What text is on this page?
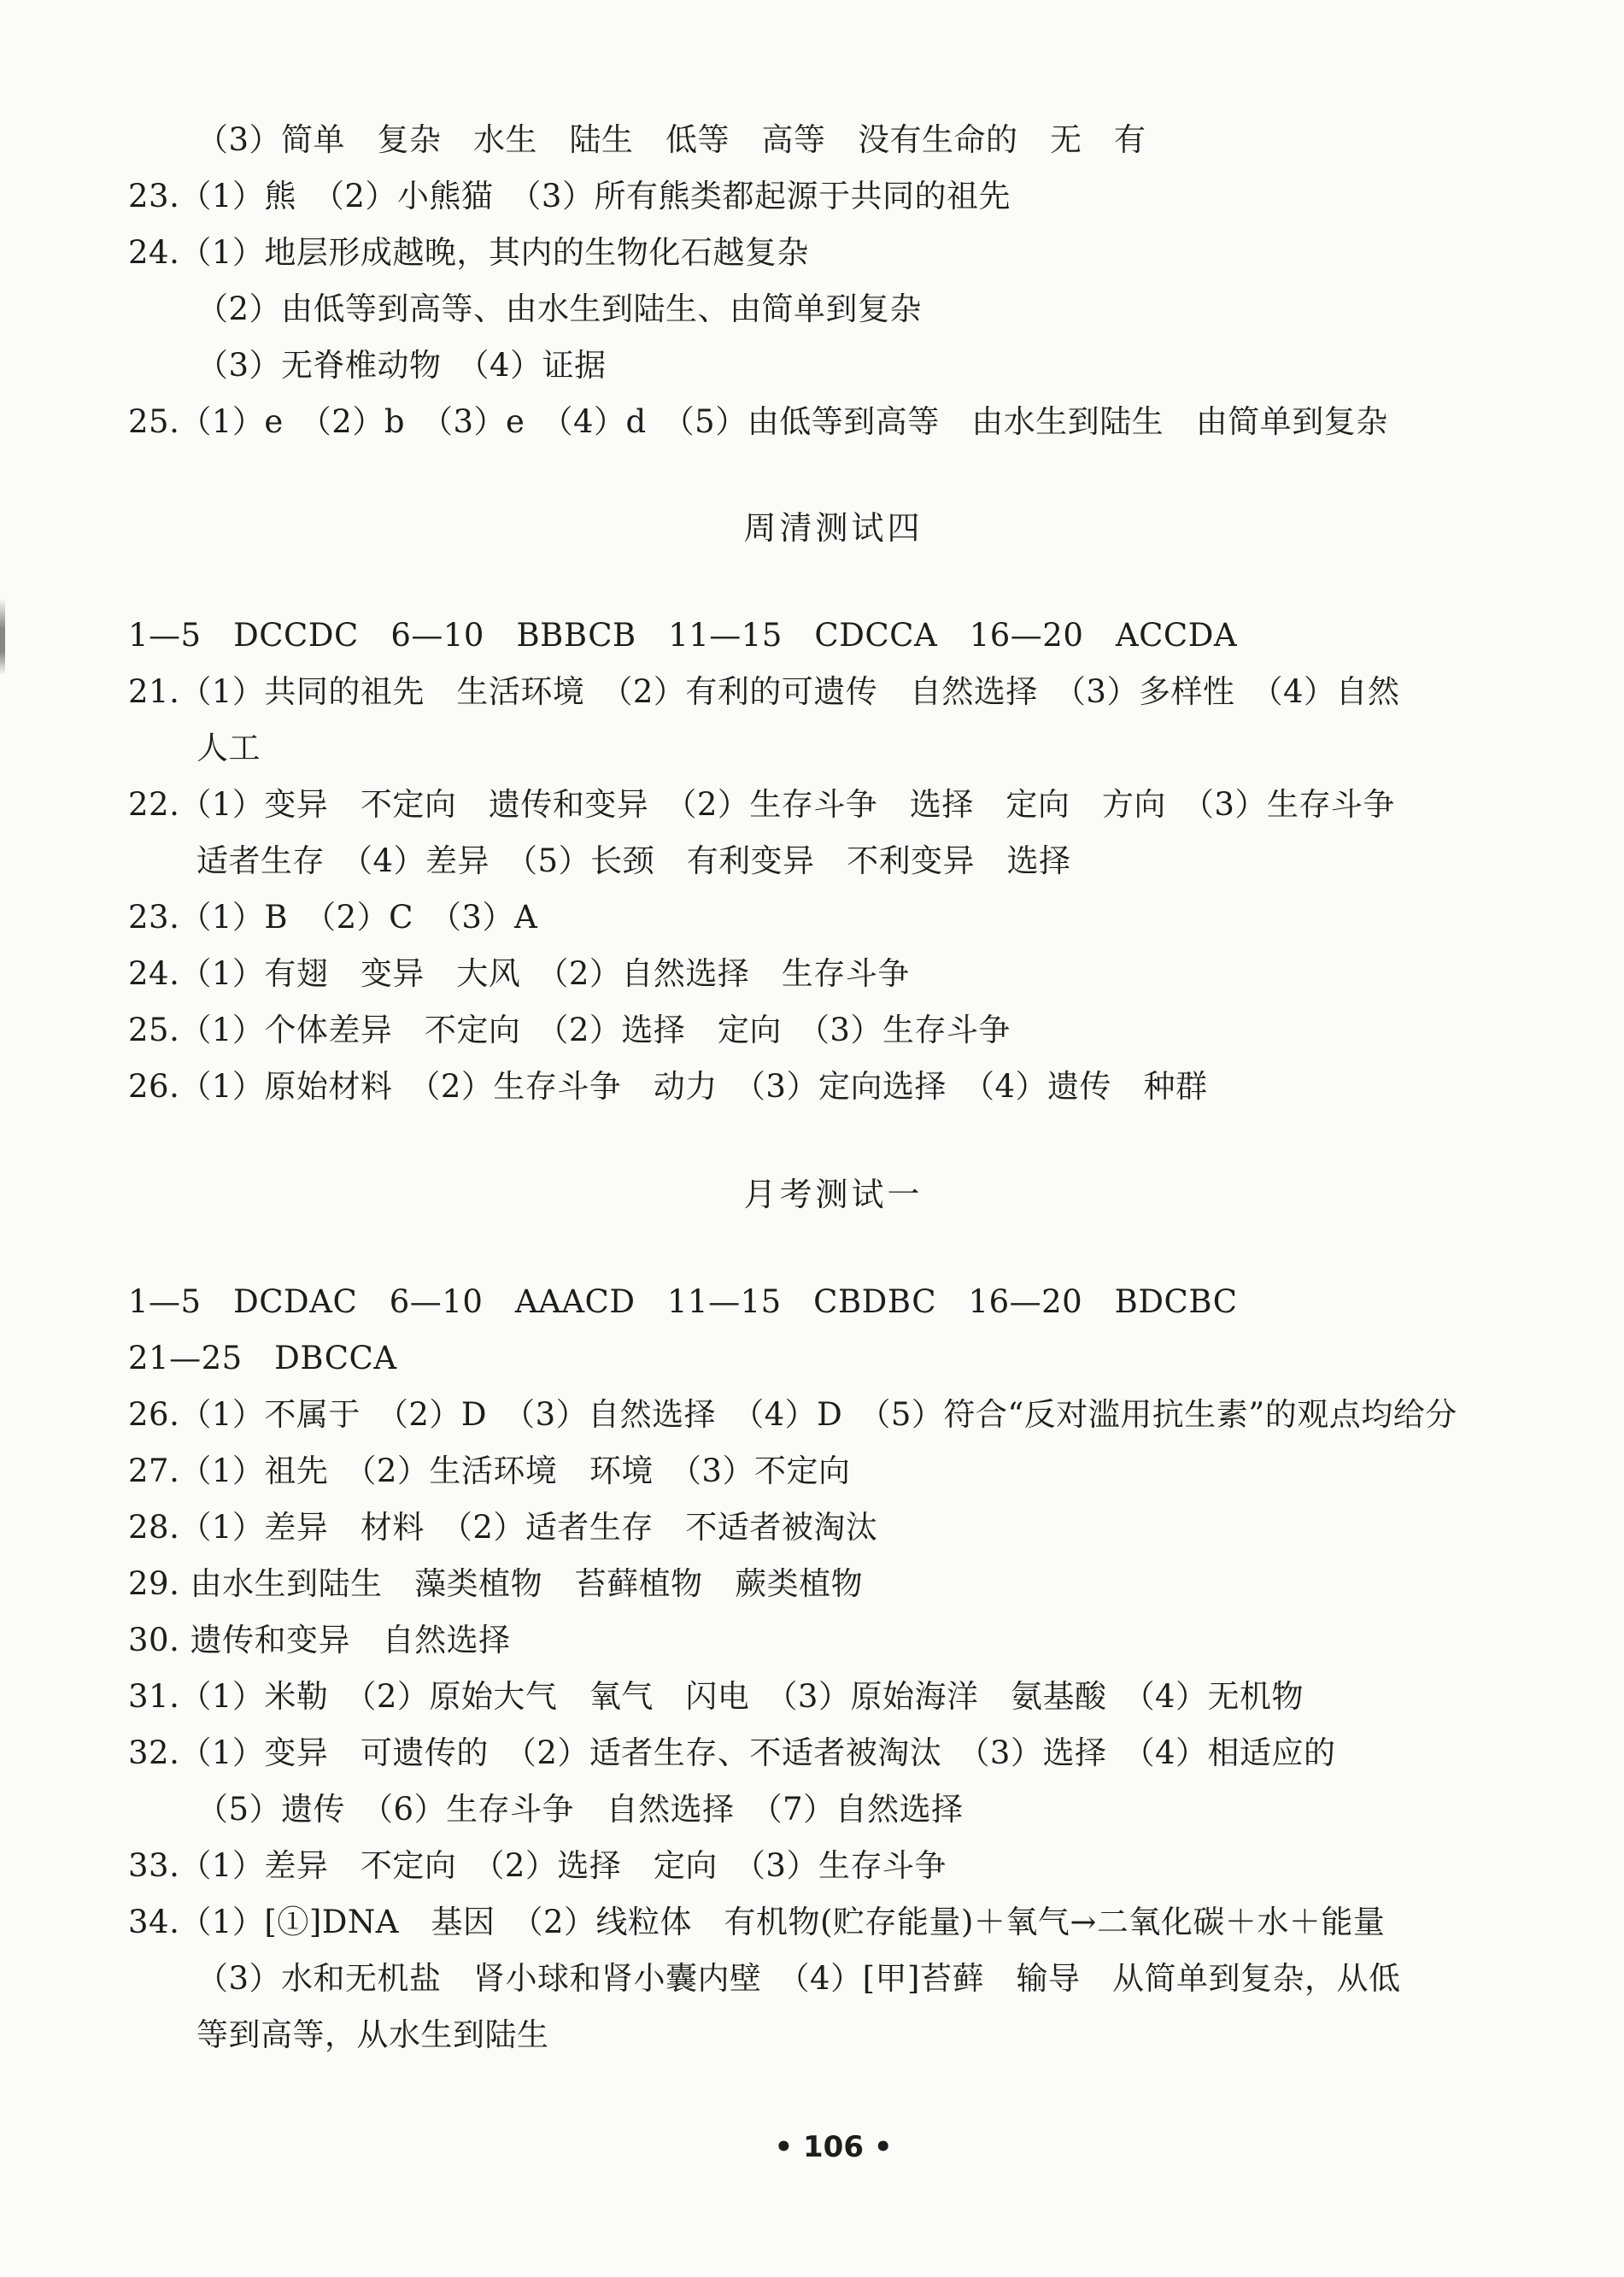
（3）简单　复杂　水生　陆生　低等　高等　没有生命的　无　有
23.（1）熊　（2）小熊猫　（3）所有熊类都起源于共同的祖先
24.（1）地层形成越晚，其内的生物化石越复杂
（2）由低等到高等、由水生到陆生、由简单到复杂
（3）无脊椎动物　（4）证据
25.（1）e　（2）b　（3）e　（4）d　（5）由低等到高等　由水生到陆生　由简单到复杂
周清测试四
1—5　DCCDC　6—10　BBBCB　11—15　CDCCA　16—20　ACCDA
21.（1）共同的祖先　生活环境　（2）有利的可遗传　自然选择　（3）多样性　（4）自然
人工
22.（1）变异　不定向　遗传和变异　（2）生存斗争　选择　定向　方向　（3）生存斗争
适者生存　（4）差异　（5）长颈　有利变异　不利变异　选择
23.（1）B　（2）C　（3）A
24.（1）有翅　变异　大风　（2）自然选择　生存斗争
25.（1）个体差异　不定向　（2）选择　定向　（3）生存斗争
26.（1）原始材料　（2）生存斗争　动力　（3）定向选择　（4）遗传　种群
月考测试一
1—5　DCDAC　6—10　AAACD　11—15　CBDBC　16—20　BDCBC
21—25　DBCCA
26.（1）不属于　（2）D　（3）自然选择　（4）D　（5）符合“反对滥用抗生素”的观点均给分
27.（1）祖先　（2）生活环境　环境　（3）不定向
28.（1）差异　材料　（2）适者生存　不适者被淘汰
29. 由水生到陆生　藻类植物　苔藓植物　蕨类植物
30. 遗传和变异　自然选择
31.（1）米勒　（2）原始大气　氧气　闪电　（3）原始海洋　氨基酸　（4）无机物
32.（1）变异　可遗传的　（2）适者生存、不适者被淘汰　（3）选择　（4）相适应的
（5）遗传　（6）生存斗争　自然选择　（7）自然选择
33.（1）差异　不定向　（2）选择　定向　（3）生存斗争
34.（1）[①]DNA　基因　（2）线粒体　有机物(贮存能量)＋氧气→二氧化碳＋水＋能量
（3）水和无机盐　肾小球和肾小囊内壁　（4）[甲]苔藓　输导　从简单到复杂，从低
等到高等，从水生到陆生
• 106 •
